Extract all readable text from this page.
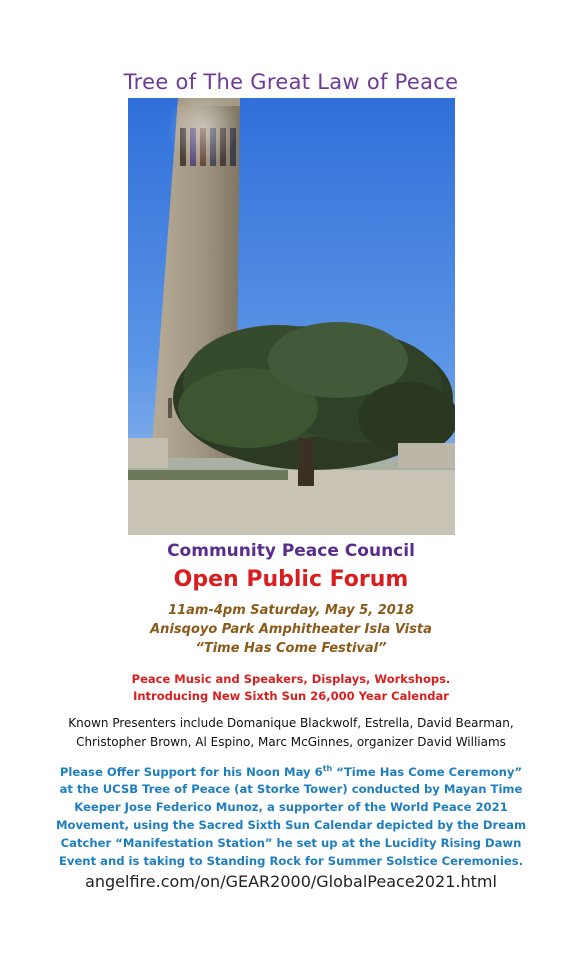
Tree of The Great Law of Peace
Community Peace Council
Open Public Forum
11am-4pm Saturday, May 5, 2018
Anisqoyo Park Amphitheater Isla Vista
“Time Has Come Festival”
Peace Music and Speakers, Displays, Workshops.
Introducing New Sixth Sun 26,000 Year Calendar
Known Presenters include Domanique Blackwolf, Estrella, David Bearman,
Christopher Brown, Al Espino, Marc McGinnes, organizer David Williams
Please Offer Support for his Noon May 6th “Time Has Come Ceremony”
at the UCSB Tree of Peace (at Storke Tower) conducted by Mayan Time
Keeper Jose Federico Munoz, a supporter of the World Peace 2021
Movement, using the Sacred Sixth Sun Calendar depicted by the Dream
Catcher “Manifestation Station” he set up at the Lucidity Rising Dawn
Event and is taking to Standing Rock for Summer Solstice Ceremonies.
angelfire.com/on/GEAR2000/GlobalPeace2021.html
